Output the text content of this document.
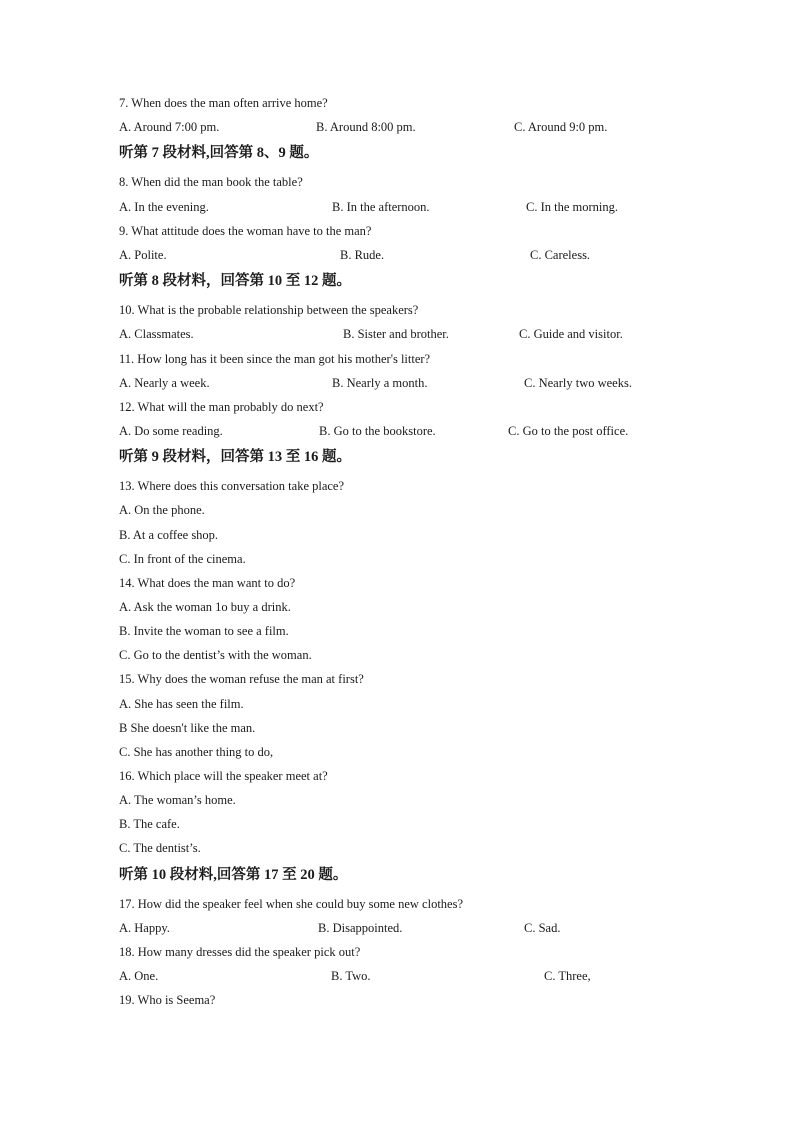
7. When does the man often arrive home?
A. Around 7:00 pm.	B. Around 8:00 pm.	C. Around 9:0 pm.
听第 7 段材料,回答第 8、9 题。
8. When did the man book the table?
A. In the evening.	B. In the afternoon.	C. In the morning.
9. What attitude does the woman have to the man?
A. Polite.	B. Rude.	C. Careless.
听第 8 段材料，回答第 10 至 12 题。
10. What is the probable relationship between the speakers?
A. Classmates.	B. Sister and brother.	C. Guide and visitor.
11. How long has it been since the man got his mother's litter?
A. Nearly a week.	B. Nearly a month.	C. Nearly two weeks.
12. What will the man probably do next?
A. Do some reading.	B. Go to the bookstore.	C. Go to the post office.
听第 9 段材料，回答第 13 至 16 题。
13. Where does this conversation take place?
A. On the phone.
B. At a coffee shop.
C. In front of the cinema.
14. What does the man want to do?
A. Ask the woman 1o buy a drink.
B. Invite the woman to see a film.
C. Go to the dentist’s with the woman.
15. Why does the woman refuse the man at first?
A. She has seen the film.
B She doesn't like the man.
C. She has another thing to do,
16. Which place will the speaker meet at?
A. The woman’s home.
B. The cafe.
C. The dentist’s.
听第 10 段材料,回答第 17 至 20 题。
17. How did the speaker feel when she could buy some new clothes?
A. Happy.	B. Disappointed.	C. Sad.
18. How many dresses did the speaker pick out?
A. One.	B. Two.	C. Three,
19. Who is Seema?
